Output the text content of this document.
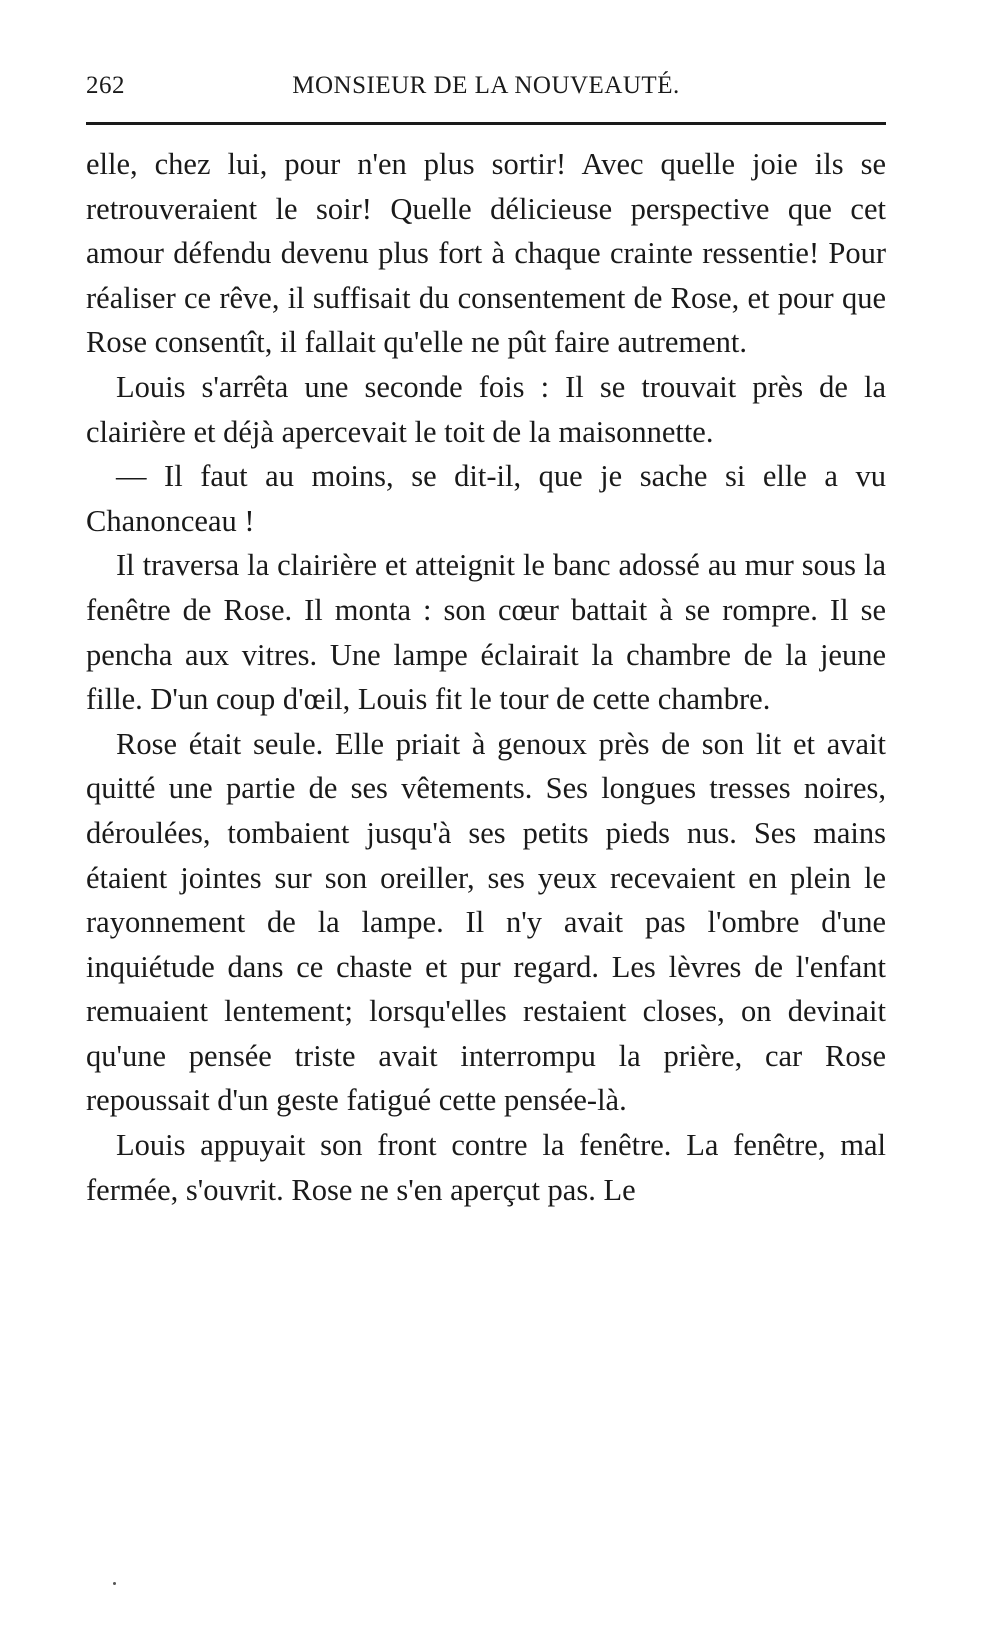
262	MONSIEUR DE LA NOUVEAUTÉ.

elle, chez lui, pour n'en plus sortir! Avec quelle joie ils se retrouveraient le soir! Quelle délicieuse perspective que cet amour défendu devenu plus fort à chaque crainte ressentie! Pour réaliser ce rêve, il suffisait du consentement de Rose, et pour que Rose consentît, il fallait qu'elle ne pût faire autrement.

Louis s'arrêta une seconde fois : Il se trouvait près de la clairière et déjà apercevait le toit de la maisonnette.

— Il faut au moins, se dit-il, que je sache si elle a vu Chanonceau !

Il traversa la clairière et atteignit le banc adossé au mur sous la fenêtre de Rose. Il monta : son cœur battait à se rompre. Il se pencha aux vitres. Une lampe éclairait la chambre de la jeune fille. D'un coup d'œil, Louis fit le tour de cette chambre.

Rose était seule. Elle priait à genoux près de son lit et avait quitté une partie de ses vêtements. Ses longues tresses noires, déroulées, tombaient jusqu'à ses petits pieds nus. Ses mains étaient jointes sur son oreiller, ses yeux recevaient en plein le rayonnement de la lampe. Il n'y avait pas l'ombre d'une inquiétude dans ce chaste et pur regard. Les lèvres de l'enfant remuaient lentement; lorsqu'elles restaient closes, on devinait qu'une pensée triste avait interrompu la prière, car Rose repoussait d'un geste fatigué cette pensée-là.

Louis appuyait son front contre la fenêtre. La fenêtre, mal fermée, s'ouvrit. Rose ne s'en aperçut pas. Le
